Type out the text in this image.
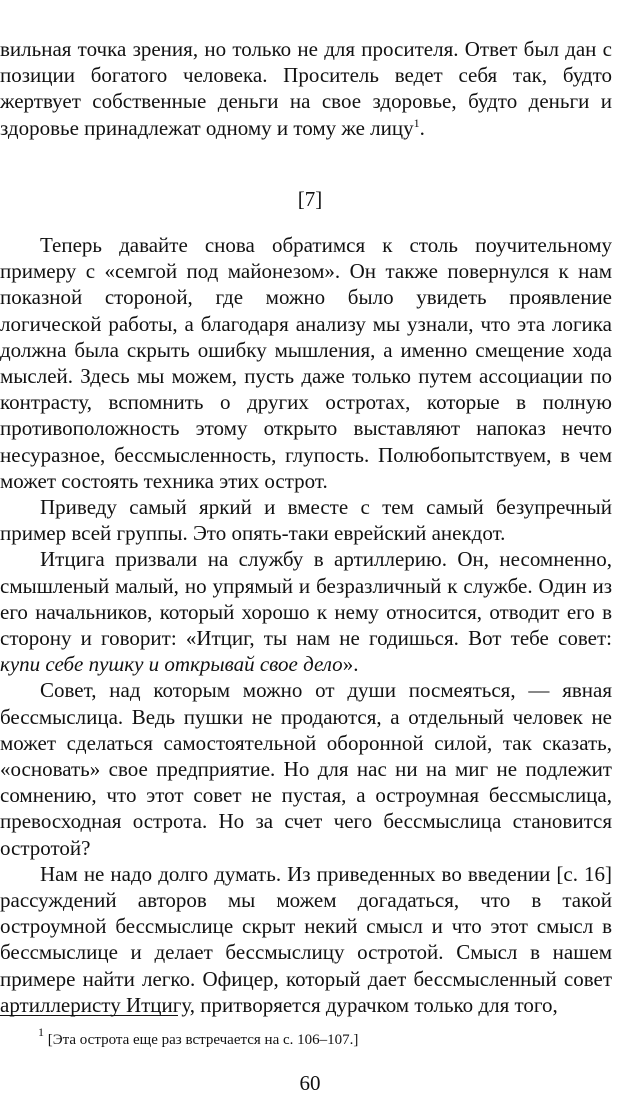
вильная точка зрения, но только не для просителя. Ответ был дан с позиции богатого человека. Проситель ведет себя так, будто жертвует собственные деньги на свое здоровье, будто деньги и здоровье принадлежат одному и тому же лицу$^1$.

[7]

Теперь давайте снова обратимся к столь поучительному примеру с «семгой под майонезом». Он также повернулся к нам показной стороной, где можно было увидеть проявление логической работы, а благодаря анализу мы узнали, что эта логика должна была скрыть ошибку мышления, а именно смещение хода мыслей. Здесь мы можем, пусть даже только путем ассоциации по контрасту, вспомнить о других остротах, которые в полную противоположность этому открыто выставляют напоказ нечто несуразное, бессмысленность, глупость. Полюбопытствуем, в чем может состоять техника этих острот.

Приведу самый яркий и вместе с тем самый безупречный пример всей группы. Это опять-таки еврейский анекдот.

Итцига призвали на службу в артиллерию. Он, несомненно, смышленый малый, но упрямый и безразличный к службе. Один из его начальников, который хорошо к нему относится, отводит его в сторону и говорит: «Итциг, ты нам не годишься. Вот тебе совет: купи себе пушку и открывай свое дело».

Совет, над которым можно от души посмеяться, — явная бессмыслица. Ведь пушки не продаются, а отдельный человек не может сделаться самостоятельной оборонной силой, так сказать, «основать» свое предприятие. Но для нас ни на миг не подлежит сомнению, что этот совет не пустая, а остроумная бессмыслица, превосходная острота. Но за счет чего бессмыслица становится остротой?

Нам не надо долго думать. Из приведенных во введении [с. 16] рассуждений авторов мы можем догадаться, что в такой остроумной бессмыслице скрыт некий смысл и что этот смысл в бессмыслице и делает бессмыслицу остротой. Смысл в нашем примере найти легко. Офицер, который дает бессмысленный совет артиллеристу Итцигу, притворяется дурачком только для того,

$^1$ [Эта острота еще раз встречается на с. 106–107.]
60
